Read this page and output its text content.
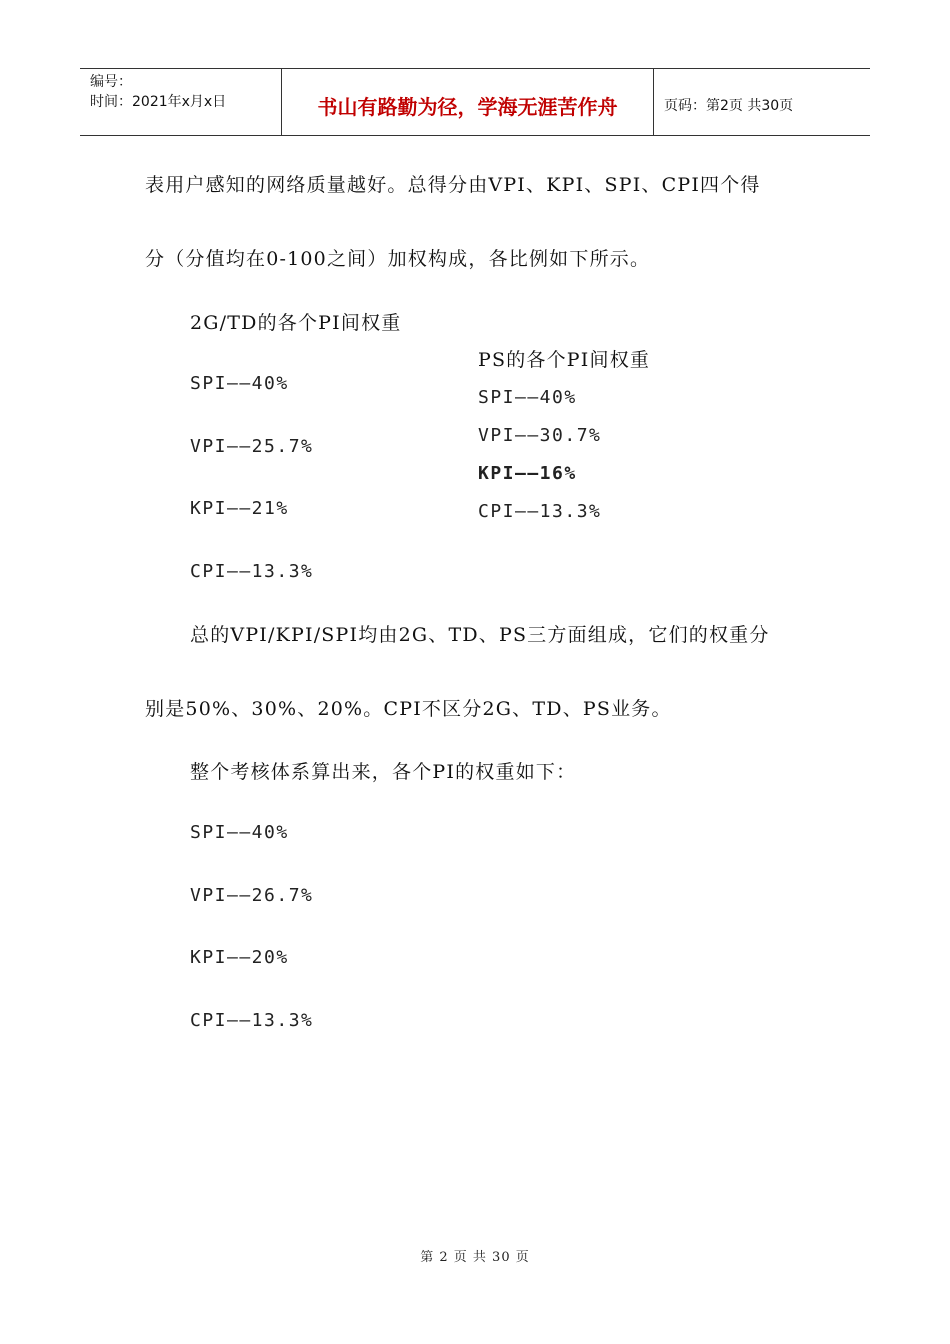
编号：
时间：2021年x月x日	书山有路勤为径，学海无涯苦作舟	页码：第2页 共30页
表用户感知的网络质量越好。总得分由VPI、KPI、SPI、CPI四个得
分（分值均在0-100之间）加权构成，各比例如下所示。
2G/TD的各个PI间权重
SPI——40%
VPI——25.7%
KPI——21%
CPI——13.3%
PS的各个PI间权重
SPI——40%
VPI——30.7%
KPI——16%
CPI——13.3%
总的VPI/KPI/SPI均由2G、TD、PS三方面组成，它们的权重分
别是50%、30%、20%。CPI不区分2G、TD、PS业务。
整个考核体系算出来，各个PI的权重如下：
SPI——40%
VPI——26.7%
KPI——20%
CPI——13.3%
第 2 页 共 30 页
